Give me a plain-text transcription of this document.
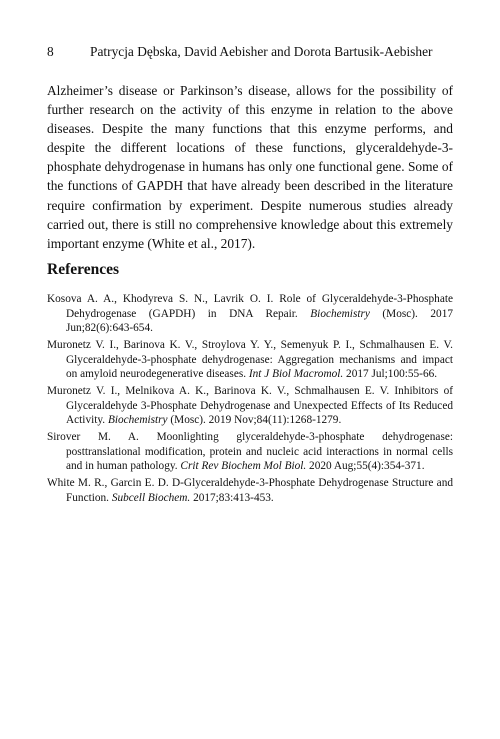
8	Patrycja Dębska, David Aebisher and Dorota Bartusik-Aebisher

Alzheimer’s disease or Parkinson’s disease, allows for the possibility of further research on the activity of this enzyme in relation to the above diseases. Despite the many functions that this enzyme performs, and despite the different locations of these functions, glyceraldehyde-3-phosphate dehydrogenase in humans has only one functional gene. Some of the functions of GAPDH that have already been described in the literature require confirmation by experiment. Despite numerous studies already carried out, there is still no comprehensive knowledge about this extremely important enzyme (White et al., 2017).

References
Kosova A. A., Khodyreva S. N., Lavrik O. I. Role of Glyceraldehyde-3-Phosphate Dehydrogenase (GAPDH) in DNA Repair. Biochemistry (Mosc). 2017 Jun;82(6):643-654.
Muronetz V. I., Barinova K. V., Stroylova Y. Y., Semenyuk P. I., Schmalhausen E. V. Glyceraldehyde-3-phosphate dehydrogenase: Aggregation mechanisms and impact on amyloid neurodegenerative diseases. Int J Biol Macromol. 2017 Jul;100:55-66.
Muronetz V. I., Melnikova A. K., Barinova K. V., Schmalhausen E. V. Inhibitors of Glyceraldehyde 3-Phosphate Dehydrogenase and Unexpected Effects of Its Reduced Activity. Biochemistry (Mosc). 2019 Nov;84(11):1268-1279.
Sirover M. A. Moonlighting glyceraldehyde-3-phosphate dehydrogenase: posttranslational modification, protein and nucleic acid interactions in normal cells and in human pathology. Crit Rev Biochem Mol Biol. 2020 Aug;55(4):354-371.
White M. R., Garcin E. D. D-Glyceraldehyde-3-Phosphate Dehydrogenase Structure and Function. Subcell Biochem. 2017;83:413-453.
